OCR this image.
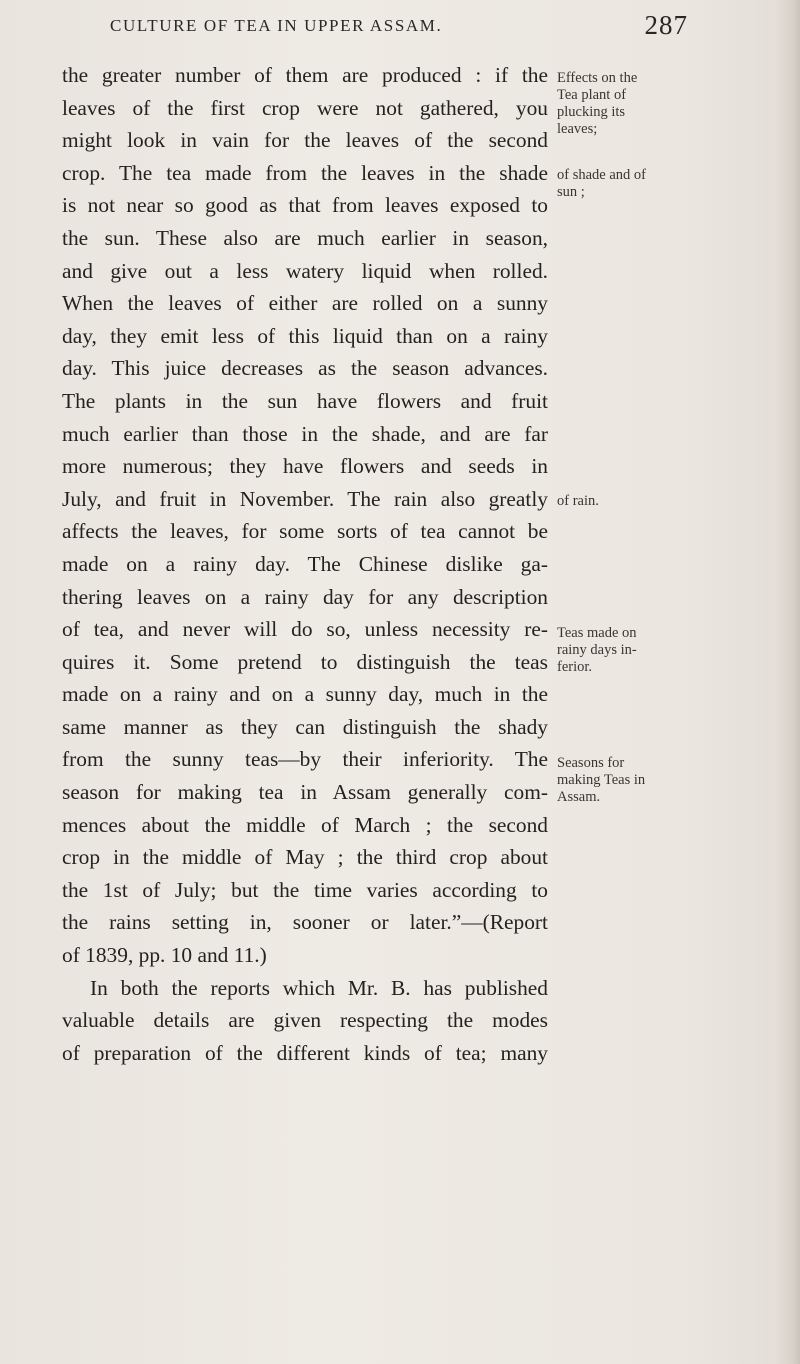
CULTURE OF TEA IN UPPER ASSAM.	287
the greater number of them are produced : if the
leaves of the first crop were not gathered, you
might look in vain for the leaves of the second
crop. The tea made from the leaves in the shade
is not near so good as that from leaves exposed to
the sun. These also are much earlier in season,
and give out a less watery liquid when rolled.
When the leaves of either are rolled on a sunny
day, they emit less of this liquid than on a rainy
day. This juice decreases as the season advances.
The plants in the sun have flowers and fruit
much earlier than those in the shade, and are far
more numerous; they have flowers and seeds in
July, and fruit in November. The rain also greatly
affects the leaves, for some sorts of tea cannot be
made on a rainy day. The Chinese dislike ga-
thering leaves on a rainy day for any description
of tea, and never will do so, unless necessity re-
quires it. Some pretend to distinguish the teas
made on a rainy and on a sunny day, much in the
same manner as they can distinguish the shady
from the sunny teas—by their inferiority. The
season for making tea in Assam generally com-
mences about the middle of March ; the second
crop in the middle of May ; the third crop about
the 1st of July; but the time varies according to
the rains setting in, sooner or later.”—(Report
of 1839, pp. 10 and 11.)
In both the reports which Mr. B. has published
valuable details are given respecting the modes
of preparation of the different kinds of tea; many
Effects on the
Tea plant of
plucking its
leaves;
of shade and of
sun ;
of rain.
Teas made on
rainy days in-
ferior.
Seasons for
making Teas in
Assam.
